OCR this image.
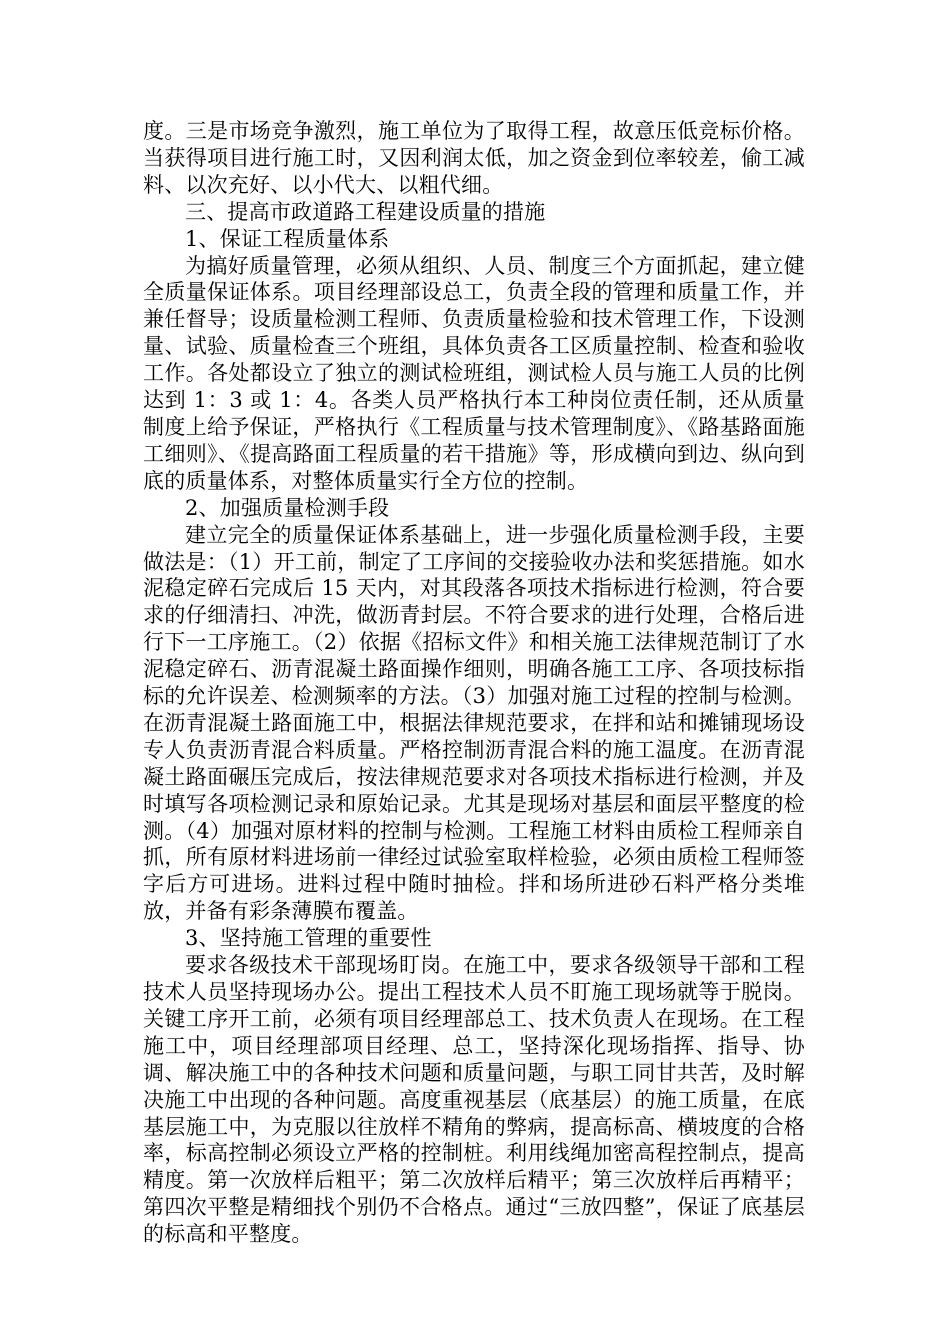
度。三是市场竞争激烈，施工单位为了取得工程，故意压低竞标价格。当获得项目进行施工时，又因利润太低，加之资金到位率较差，偷工减料、以次充好、以小代大、以粗代细。

三、提高市政道路工程建设质量的措施

1、保证工程质量体系

为搞好质量管理，必须从组织、人员、制度三个方面抓起，建立健全质量保证体系。项目经理部设总工，负责全段的管理和质量工作，并兼任督导；设质量检测工程师、负责质量检验和技术管理工作，下设测量、试验、质量检查三个班组，具体负责各工区质量控制、检查和验收工作。各处都设立了独立的测试检班组，测试检人员与施工人员的比例达到 1：3 或 1：4。各类人员严格执行本工种岗位责任制，还从质量制度上给予保证，严格执行《工程质量与技术管理制度》、《路基路面施工细则》、《提高路面工程质量的若干措施》等，形成横向到边、纵向到底的质量体系，对整体质量实行全方位的控制。

2、加强质量检测手段

建立完全的质量保证体系基础上，进一步强化质量检测手段，主要做法是：（1）开工前，制定了工序间的交接验收办法和奖惩措施。如水泥稳定碎石完成后 15 天内，对其段落各项技术指标进行检测，符合要求的仔细清扫、冲洗，做沥青封层。不符合要求的进行处理，合格后进行下一工序施工。（2）依据《招标文件》和相关施工法律规范制订了水泥稳定碎石、沥青混凝土路面操作细则，明确各施工工序、各项技标指标的允许误差、检测频率的方法。（3）加强对施工过程的控制与检测。在沥青混凝土路面施工中，根据法律规范要求，在拌和站和摊铺现场设专人负责沥青混合料质量。严格控制沥青混合料的施工温度。在沥青混凝土路面碾压完成后，按法律规范要求对各项技术指标进行检测，并及时填写各项检测记录和原始记录。尤其是现场对基层和面层平整度的检测。（4）加强对原材料的控制与检测。工程施工材料由质检工程师亲自抓，所有原材料进场前一律经过试验室取样检验，必须由质检工程师签字后方可进场。进料过程中随时抽检。拌和场所进砂石料严格分类堆放，并备有彩条薄膜布覆盖。

3、坚持施工管理的重要性

要求各级技术干部现场盯岗。在施工中，要求各级领导干部和工程技术人员坚持现场办公。提出工程技术人员不盯施工现场就等于脱岗。关键工序开工前，必须有项目经理部总工、技术负责人在现场。在工程施工中，项目经理部项目经理、总工，坚持深化现场指挥、指导、协调、解决施工中的各种技术问题和质量问题，与职工同甘共苦，及时解决施工中出现的各种问题。高度重视基层（底基层）的施工质量，在底基层施工中，为克服以往放样不精角的弊病，提高标高、横坡度的合格率，标高控制必须设立严格的控制桩。利用线绳加密高程控制点，提高精度。第一次放样后粗平；第二次放样后精平；第三次放样后再精平；第四次平整是精细找个别仍不合格点。通过“三放四整”，保证了底基层的标高和平整度。
